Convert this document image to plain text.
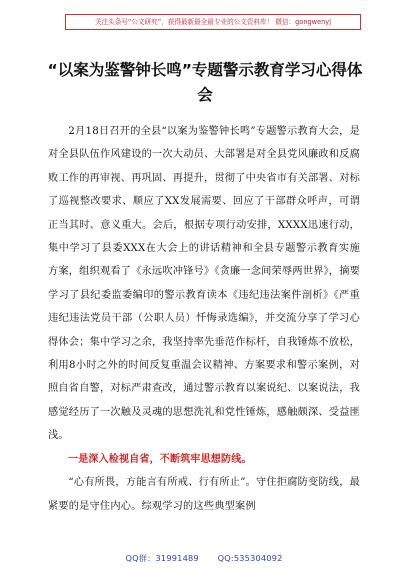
关注头条号“公文研究”，获得最新最全最专业的公文资料库！ 微信：gongwenyj
“以案为鉴警钟长鸣”专题警示教育学习心得体会

2月18日召开的全县“以案为鉴警钟长鸣”专题警示教育大会，是对全县队伍作风建设的一次大动员、大部署是对全县党风廉政和反腐败工作的再审视、再巩固、再提升，贯彻了中央省市有关部署、对标了巡视整改要求、顺应了XX发展需要、回应了干部群众呼声，可谓正当其时、意义重大。会后，根据专项行动安排，XXXX迅速行动，集中学习了县委XXX在大会上的讲话精神和全县专题警示教育实施方案，组织观看了《永远吹冲锋号》《贪廉一念间荣辱两世界》，摘要学习了县纪委监委编印的警示教育读本《违纪违法案件剖析》《严重违纪违法党员干部（公职人员）忏悔录选编》，并交流分享了学习心得体会；集中学习之余，我坚持率先垂范作标杆，自我锤炼不放松，利用8小时之外的时间反复重温会议精神、方案要求和警示案例，对照自省自警，对标严肃查改，通过警示教育以案说纪、以案说法，我感觉经历了一次触及灵魂的思想洗礼和党性锤炼，感触颇深、受益匪浅。

一是深入检视自省，不断筑牢思想防线。

“心有所畏，方能言有所戒、行有所止”。守住拒腐防变防线，最紧要的是守住内心。综观学习的这些典型案例

QQ群：31991489 QQ:535304092
